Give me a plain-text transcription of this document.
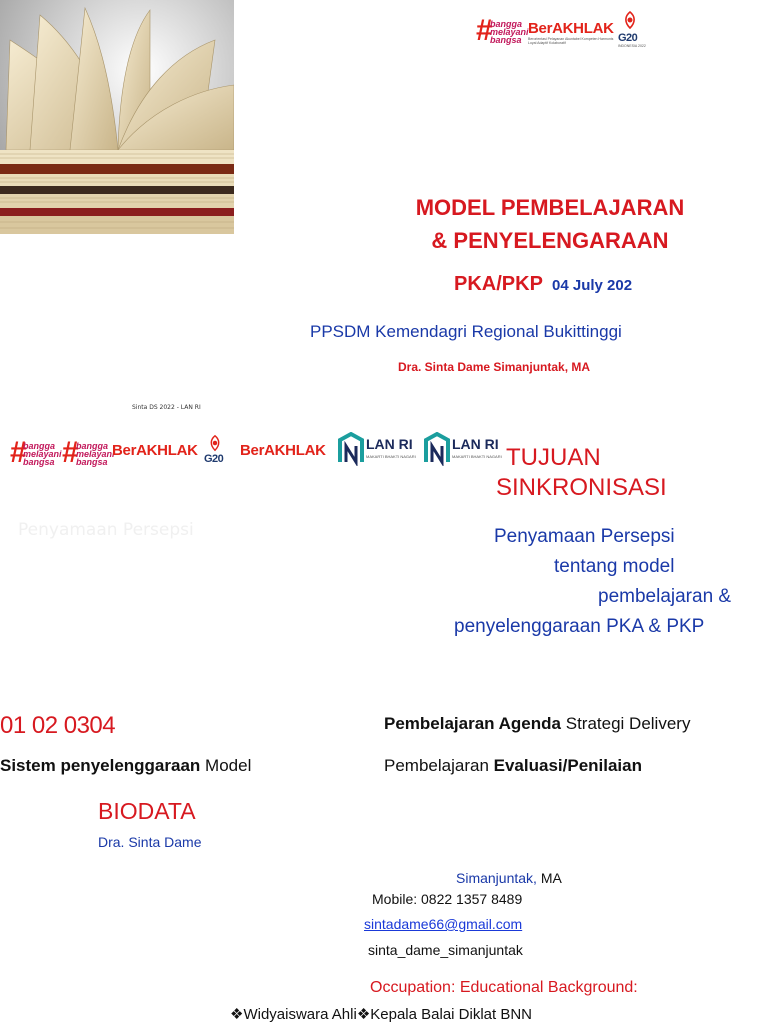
#
bangga
melayani
bangsa
BerAKHLAK
Berorientasi Pelayanan Akuntabel Kompeten Harmonis Loyal Adaptif Kolaboratif	G20
INDONESIA 2022
MODEL PEMBELAJARAN
& PENYELENGARAAN
PKA/PKP 04 July 202
PPSDM Kemendagri Regional Bukittinggi
Dra. Sinta Dame Simanjuntak, MA
Sinta DS 2022 - LAN RI
#
bangga
melayani
bangsa #
bangga
melayani
bangsa
BerAKHLAK G20 BerAKHLAK	LAN RI
MAKARTI BHAKTI NAGARI
LAN RI
MAKARTI BHAKTI NAGARI TUJUAN
SINKRONISASI
Penyamaan Persepsi	Penyamaan Persepsi
tentang model
pembelajaran &
penyelenggaraan PKA & PKP
01 02 0304
Sistem penyelenggaraan Model
Pembelajaran Agenda Strategi Delivery
Pembelajaran Evaluasi/Penilaian
BIODATA
Dra. Sinta Dame
Simanjuntak, MA
Mobile: 0822 1357 8489
sintadame66@gmail.com
sinta_dame_simanjuntak
Occupation: Educational Background:
❖Widyaiswara Ahli❖Kepala Balai Diklat BNN
